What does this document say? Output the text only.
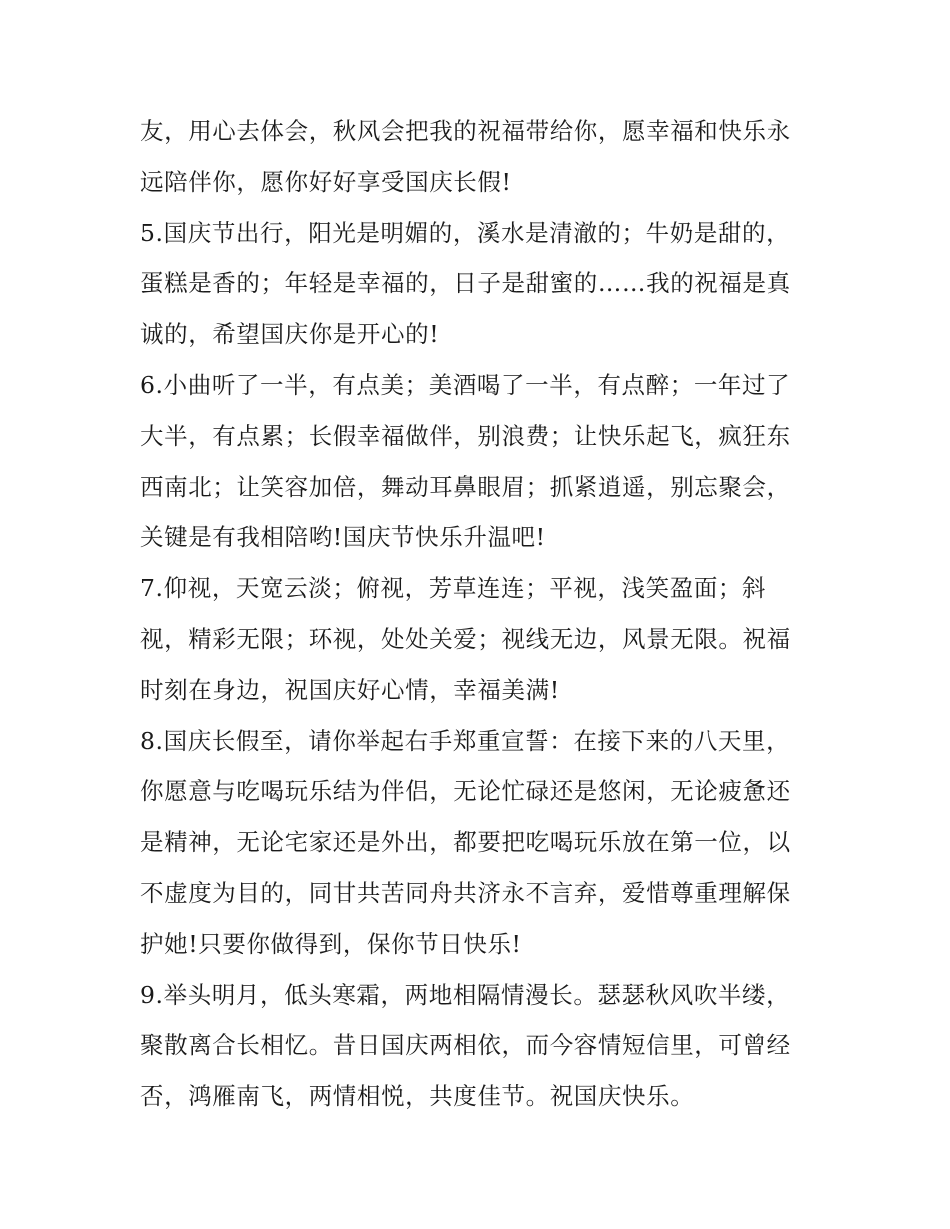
友，用心去体会，秋风会把我的祝福带给你，愿幸福和快乐永
远陪伴你，愿你好好享受国庆长假!
5.国庆节出行，阳光是明媚的，溪水是清澈的；牛奶是甜的，
蛋糕是香的；年轻是幸福的，日子是甜蜜的……我的祝福是真
诚的，希望国庆你是开心的!
6.小曲听了一半，有点美；美酒喝了一半，有点醉；一年过了
大半，有点累；长假幸福做伴，别浪费；让快乐起飞，疯狂东
西南北；让笑容加倍，舞动耳鼻眼眉；抓紧逍遥，别忘聚会，
关键是有我相陪哟!国庆节快乐升温吧!
7.仰视，天宽云淡；俯视，芳草连连；平视，浅笑盈面；斜
视，精彩无限；环视，处处关爱；视线无边，风景无限。祝福
时刻在身边，祝国庆好心情，幸福美满!
8.国庆长假至，请你举起右手郑重宣誓：在接下来的八天里，
你愿意与吃喝玩乐结为伴侣，无论忙碌还是悠闲，无论疲惫还
是精神，无论宅家还是外出，都要把吃喝玩乐放在第一位，以
不虚度为目的，同甘共苦同舟共济永不言弃，爱惜尊重理解保
护她!只要你做得到，保你节日快乐!
9.举头明月，低头寒霜，两地相隔情漫长。瑟瑟秋风吹半缕，
聚散离合长相忆。昔日国庆两相依，而今容情短信里，可曾经
否，鸿雁南飞，两情相悦，共度佳节。祝国庆快乐。
